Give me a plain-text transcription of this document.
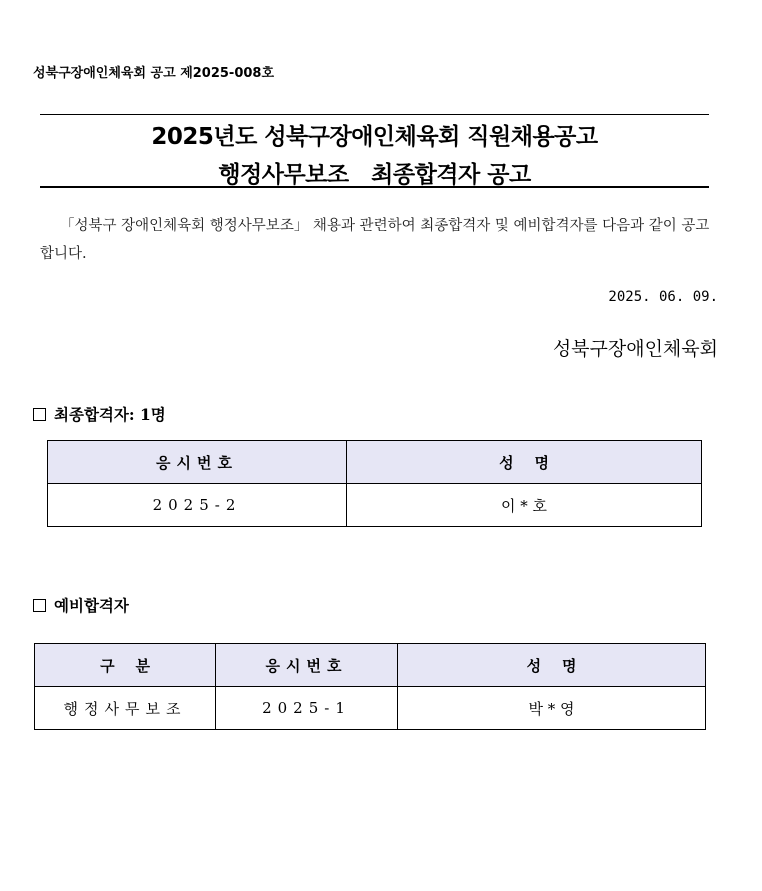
성북구장애인체육회 공고 제2025-008호
2025년도 성북구장애인체육회 직원채용공고
행정사무보조   최종합격자 공고
「성북구 장애인체육회 행정사무보조」 채용과 관련하여 최종합격자 및 예비합격자를 다음과 같이 공고합니다.
2025. 06. 09.
성북구장애인체육회
최종합격자: 1명
응시번호	성    명
2025-2	이 * 호
예비합격자
구    분	응시번호	성    명
행정사무보조	2025-1	박 * 영
